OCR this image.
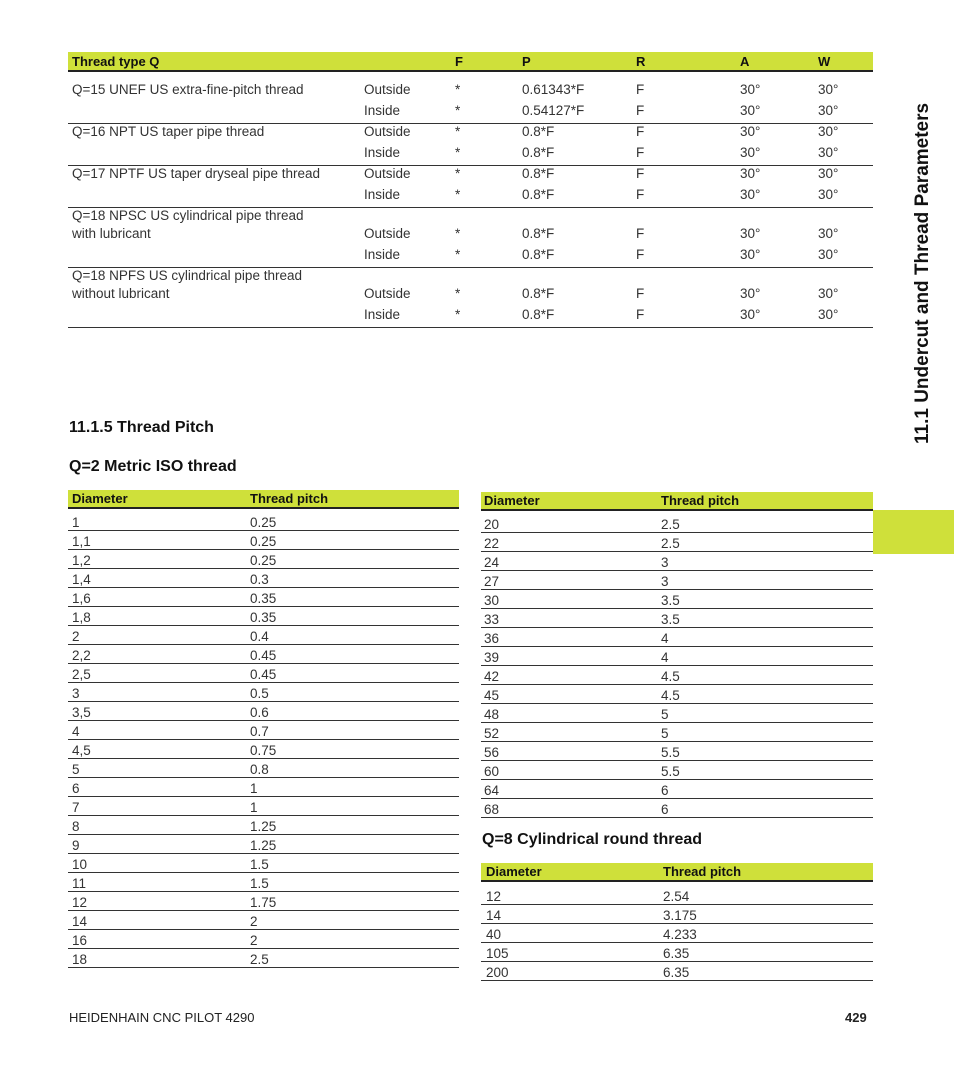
11.1 Undercut and Thread Parameters
11.1.5 Thread Pitch
Q=2 Metric ISO thread
Q=8 Cylindrical round thread
HEIDENHAIN CNC PILOT 4290	429
Thread type Q	F	P	R	A	W
Q=15 UNEF US extra-fine-pitch thread	Outside	*	0.61343*F	F	30°	30°
Inside	*	0.54127*F	F	30°	30°
Q=16 NPT US taper pipe thread	Outside	*	0.8*F	F	30°	30°
Inside	*	0.8*F	F	30°	30°
Q=17 NPTF US taper dryseal pipe thread	Outside	*	0.8*F	F	30°	30°
Inside	*	0.8*F	F	30°	30°
Q=18 NPSC US cylindrical pipe thread
with lubricant	Outside	*	0.8*F	F	30°	30°
Inside	*	0.8*F	F	30°	30°
Q=18 NPFS US cylindrical pipe thread
without lubricant	Outside	*	0.8*F	F	30°	30°
Inside	*	0.8*F	F	30°	30°
Diameter	Thread pitch
1	0.25
1,1	0.25
1,2	0.25
1,4	0.3
1,6	0.35
1,8	0.35
2	0.4
2,2	0.45
2,5	0.45
3	0.5
3,5	0.6
4	0.7
4,5	0.75
5	0.8
6	1
7	1
8	1.25
9	1.25
10	1.5
11	1.5
12	1.75
14	2
16	2
18	2.5
Diameter	Thread pitch
20	2.5
22	2.5
24	3
27	3
30	3.5
33	3.5
36	4
39	4
42	4.5
45	4.5
48	5
52	5
56	5.5
60	5.5
64	6
68	6
Diameter	Thread pitch
12	2.54
14	3.175
40	4.233
105	6.35
200	6.35
